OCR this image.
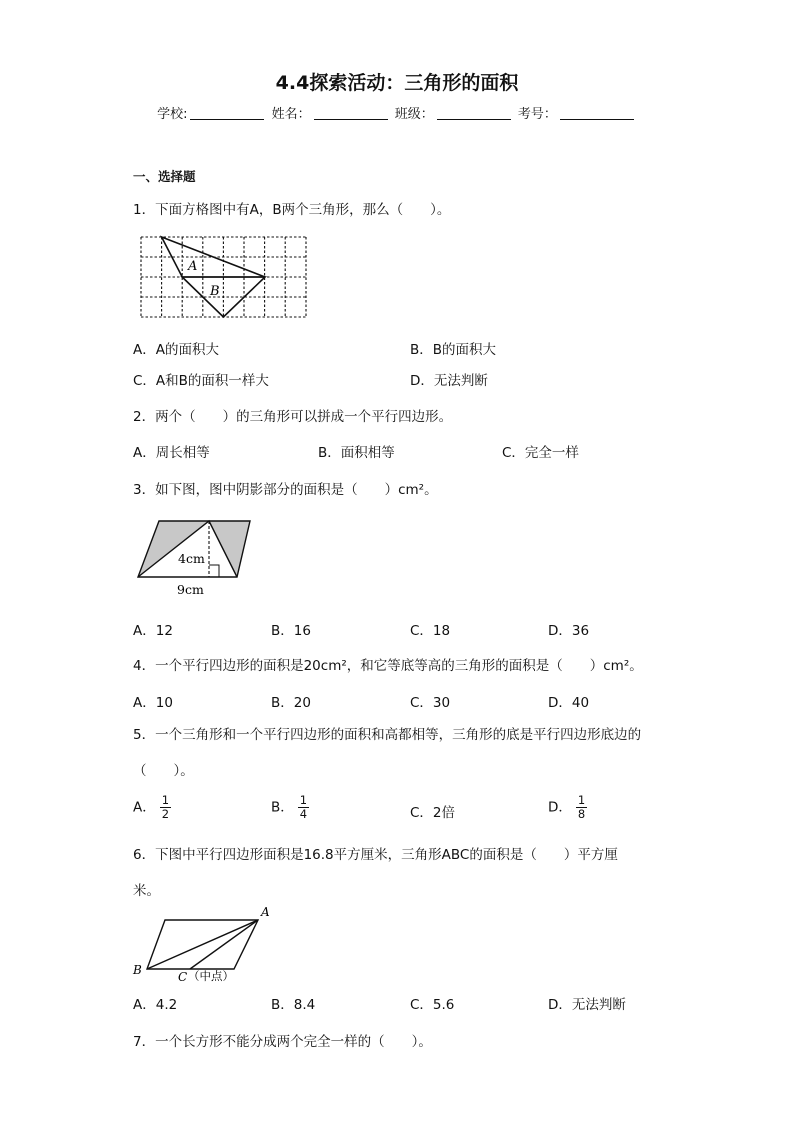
4.4探索活动：三角形的面积
学校:	姓名：	班级：	考号：
一、选择题
1．下面方格图中有A，B两个三角形，那么（　　）。
A
B
A．A的面积大	B．B的面积大
C．A和B的面积一样大	D．无法判断
2．两个（　　）的三角形可以拼成一个平行四边形。
A．周长相等	B．面积相等	C．完全一样
3．如下图，图中阴影部分的面积是（　　）cm²。
4cm
9cm
A．12	B．16	C．18	D．36
4．一个平行四边形的面积是20cm²，和它等底等高的三角形的面积是（　　）cm²。
A．10	B．20	C．30	D．40
5．一个三角形和一个平行四边形的面积和高都相等，三角形的底是平行四边形底边的
（　　）。
A． $\frac{1}{2}$	B． $\frac{1}{4}$	C．2倍	D． $\frac{1}{8}$
6．下图中平行四边形面积是16.8平方厘米，三角形ABC的面积是（　　）平方厘
米。
A
B	C （中点）
A．4.2	B．8.4	C．5.6	D．无法判断
7．一个长方形不能分成两个完全一样的（　　）。
